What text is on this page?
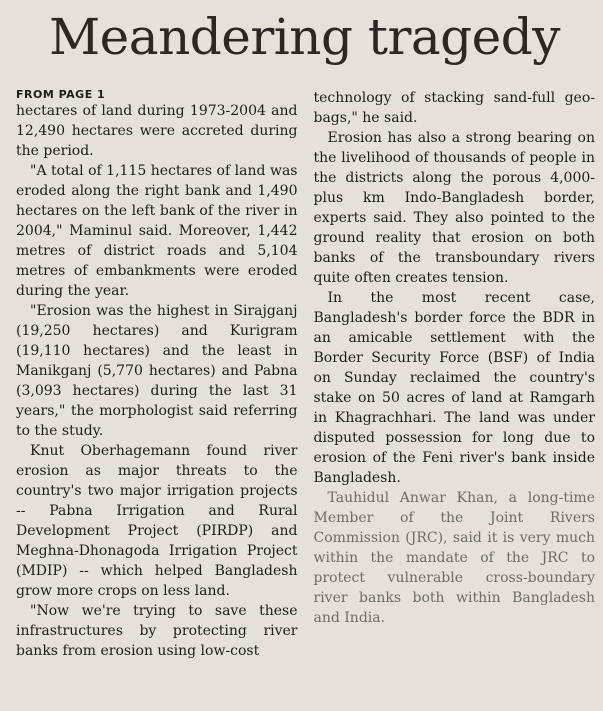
Meandering tragedy
FROM PAGE 1

hectares of land during 1973-2004 and 12,490 hectares were accreted during the period.

"A total of 1,115 hectares of land was eroded along the right bank and 1,490 hectares on the left bank of the river in 2004," Maminul said. Moreover, 1,442 metres of district roads and 5,104 metres of embankments were eroded during the year.

"Erosion was the highest in Sirajganj (19,250 hectares) and Kurigram (19,110 hectares) and the least in Manikganj (5,770 hectares) and Pabna (3,093 hectares) during the last 31 years," the morphologist said referring to the study.

Knut Oberhagemann found river erosion as major threats to the country's two major irrigation projects -- Pabna Irrigation and Rural Development Project (PIRDP) and Meghna-Dhonagoda Irrigation Project (MDIP) -- which helped Bangladesh grow more crops on less land.

"Now we're trying to save these infrastructures by protecting river banks from erosion using low-cost

technology of stacking sand-full geo-bags," he said.

Erosion has also a strong bearing on the livelihood of thousands of people in the districts along the porous 4,000-plus km Indo-Bangladesh border, experts said. They also pointed to the ground reality that erosion on both banks of the transboundary rivers quite often creates tension.

In the most recent case, Bangladesh's border force the BDR in an amicable settlement with the Border Security Force (BSF) of India on Sunday reclaimed the country's stake on 50 acres of land at Ramgarh in Khagrachhari. The land was under disputed possession for long due to erosion of the Feni river's bank inside Bangladesh.

Tauhidul Anwar Khan, a long-time Member of the Joint Rivers Commission (JRC), said it is very much within the mandate of the JRC to protect vulnerable cross-boundary river banks both within Bangladesh and India.
